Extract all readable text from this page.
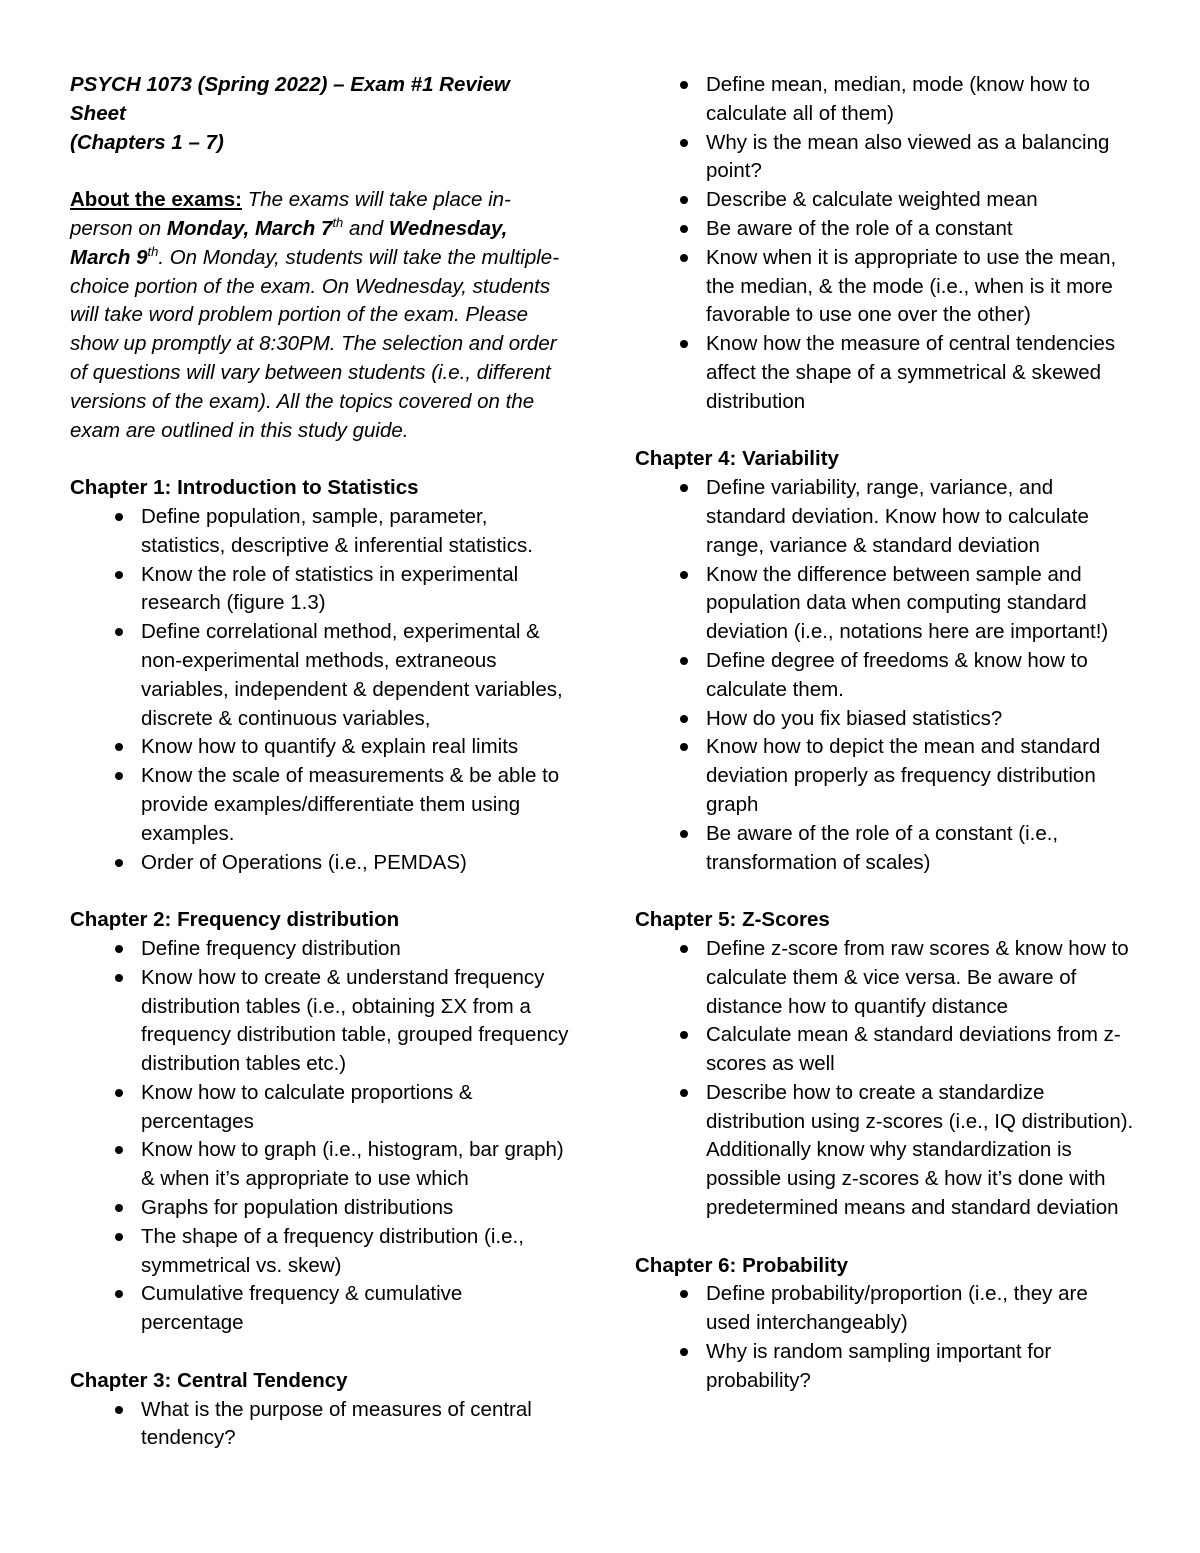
PSYCH 1073 (Spring 2022) – Exam #1 Review Sheet
(Chapters 1 – 7)
About the exams: The exams will take place in-person on Monday, March 7th and Wednesday, March 9th. On Monday, students will take the multiple-choice portion of the exam. On Wednesday, students will take word problem portion of the exam. Please show up promptly at 8:30PM. The selection and order of questions will vary between students (i.e., different versions of the exam). All the topics covered on the exam are outlined in this study guide.
Chapter 1: Introduction to Statistics
Define population, sample, parameter, statistics, descriptive & inferential statistics.
Know the role of statistics in experimental research (figure 1.3)
Define correlational method, experimental & non-experimental methods, extraneous variables, independent & dependent variables, discrete & continuous variables,
Know how to quantify & explain real limits
Know the scale of measurements & be able to provide examples/differentiate them using examples.
Order of Operations (i.e., PEMDAS)
Chapter 2: Frequency distribution
Define frequency distribution
Know how to create & understand frequency distribution tables (i.e., obtaining ΣX from a frequency distribution table, grouped frequency distribution tables etc.)
Know how to calculate proportions & percentages
Know how to graph (i.e., histogram, bar graph) & when it’s appropriate to use which
Graphs for population distributions
The shape of a frequency distribution (i.e., symmetrical vs. skew)
Cumulative frequency & cumulative percentage
Chapter 3: Central Tendency
What is the purpose of measures of central tendency?
Define mean, median, mode (know how to calculate all of them)
Why is the mean also viewed as a balancing point?
Describe & calculate weighted mean
Be aware of the role of a constant
Know when it is appropriate to use the mean, the median, & the mode (i.e., when is it more favorable to use one over the other)
Know how the measure of central tendencies affect the shape of a symmetrical & skewed distribution
Chapter 4: Variability
Define variability, range, variance, and standard deviation. Know how to calculate range, variance & standard deviation
Know the difference between sample and population data when computing standard deviation (i.e., notations here are important!)
Define degree of freedoms & know how to calculate them.
How do you fix biased statistics?
Know how to depict the mean and standard deviation properly as frequency distribution graph
Be aware of the role of a constant (i.e., transformation of scales)
Chapter 5: Z-Scores
Define z-score from raw scores & know how to calculate them & vice versa. Be aware of distance how to quantify distance
Calculate mean & standard deviations from z-scores as well
Describe how to create a standardize distribution using z-scores (i.e., IQ distribution). Additionally know why standardization is possible using z-scores & how it’s done with predetermined means and standard deviation
Chapter 6: Probability
Define probability/proportion (i.e., they are used interchangeably)
Why is random sampling important for probability?
